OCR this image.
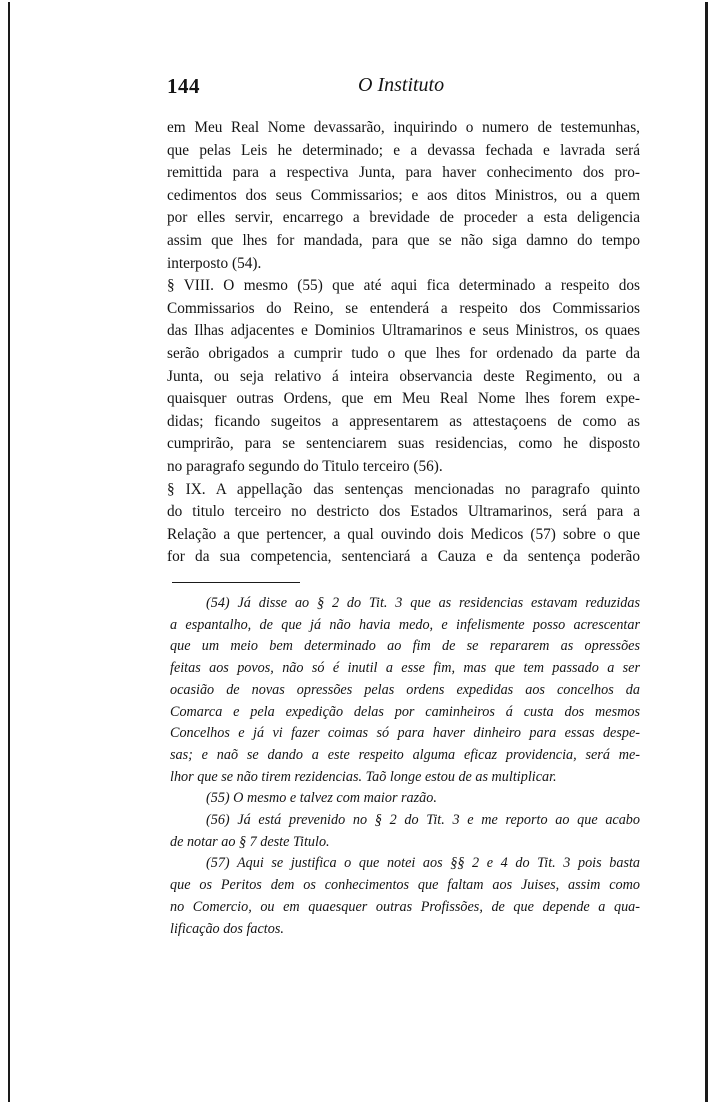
144	O Instituto
em Meu Real Nome devassarão, inquirindo o numero de testemunhas,
que pelas Leis he determinado; e a devassa fechada e lavrada será
remittida para a respectiva Junta, para haver conhecimento dos pro-
cedimentos dos seus Commissarios; e aos ditos Ministros, ou a quem
por elles servir, encarrego a brevidade de proceder a esta deligencia
assim que lhes for mandada, para que se não siga damno do tempo
interposto (54).
§ VIII. O mesmo (55) que até aqui fica determinado a respeito dos
Commissarios do Reino, se entenderá a respeito dos Commissarios
das Ilhas adjacentes e Dominios Ultramarinos e seus Ministros, os quaes
serão obrigados a cumprir tudo o que lhes for ordenado da parte da
Junta, ou seja relativo á inteira observancia deste Regimento, ou a
quaisquer outras Ordens, que em Meu Real Nome lhes forem expe-
didas; ficando sugeitos a appresentarem as attestaçoens de como as
cumprirão, para se sentenciarem suas residencias, como he disposto
no paragrafo segundo do Titulo terceiro (56).
§ IX. A appellação das sentenças mencionadas no paragrafo quinto
do titulo terceiro no destricto dos Estados Ultramarinos, será para a
Relação a que pertencer, a qual ouvindo dois Medicos (57) sobre o que
for da sua competencia, sentenciará a Cauza e da sentença poderão
(54) Já disse ao § 2 do Tit. 3 que as residencias estavam reduzidas
a espantalho, de que já não havia medo, e infelismente posso acrescentar
que um meio bem determinado ao fim de se repararem as opressões
feitas aos povos, não só é inutil a esse fim, mas que tem passado a ser
ocasião de novas opressões pelas ordens expedidas aos concelhos da
Comarca e pela expedição delas por caminheiros á custa dos mesmos
Concelhos e já vi fazer coimas só para haver dinheiro para essas despe-
sas; e naõ se dando a este respeito alguma eficaz providencia, será me-
lhor que se não tirem rezidencias. Taõ longe estou de as multiplicar.
(55) O mesmo e talvez com maior razão.
(56) Já está prevenido no § 2 do Tit. 3 e me reporto ao que acabo
de notar ao § 7 deste Titulo.
(57) Aqui se justifica o que notei aos §§ 2 e 4 do Tit. 3 pois basta
que os Peritos dem os conhecimentos que faltam aos Juises, assim como
no Comercio, ou em quaesquer outras Profissões, de que depende a qua-
lificação dos factos.
